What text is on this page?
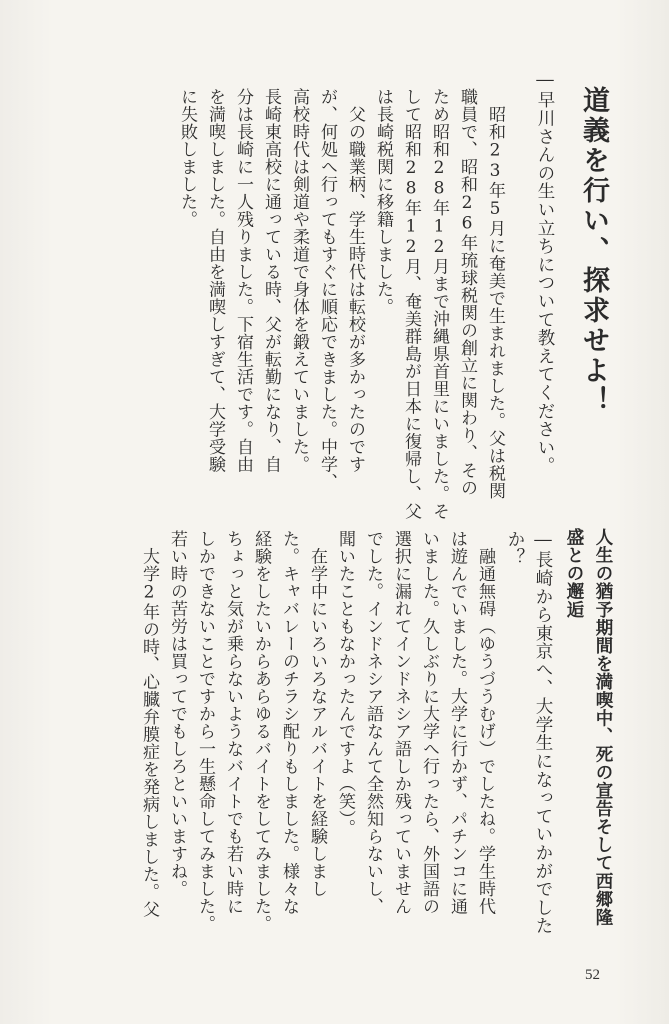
道義を行い、探求せよ！
―早川さんの生い立ちについて教えてください。
　昭和23年5月に奄美で生まれました。父は税関
職員で、昭和26年琉球税関の創立に関わり、その
ため昭和28年12月まで沖縄県首里にいました。そ
して昭和28年12月、奄美群島が日本に復帰し、父
は長崎税関に移籍しました。
　父の職業柄、学生時代は転校が多かったのです
が、何処へ行ってもすぐに順応できました。中学、
高校時代は剣道や柔道で身体を鍛えていました。
長崎東高校に通っている時、父が転勤になり、自
分は長崎に一人残りました。下宿生活です。自由
を満喫しました。自由を満喫しすぎて、大学受験
に失敗しました。
人生の猶予期間を満喫中、死の宣告そして西郷隆
盛との邂逅
―長崎から東京へ、大学生になっていかがでした
か？
　融通無碍（ゆうづうむげ）でしたね。学生時代
は遊んでいました。大学に行かず、パチンコに通
いました。久しぶりに大学へ行ったら、外国語の
選択に漏れてインドネシア語しか残っていません
でした。インドネシア語なんて全然知らないし、
聞いたこともなかったんですよ（笑）。
　在学中にいろいろなアルバイトを経験しまし
た。キャバレーのチラシ配りもしました。様々な
経験をしたいからあらゆるバイトをしてみました。
ちょっと気が乗らないようなバイトでも若い時に
しかできないことですから一生懸命してみました。
若い時の苦労は買ってでもしろといいますね。
　大学2年の時、心臓弁膜症を発病しました。父
52
